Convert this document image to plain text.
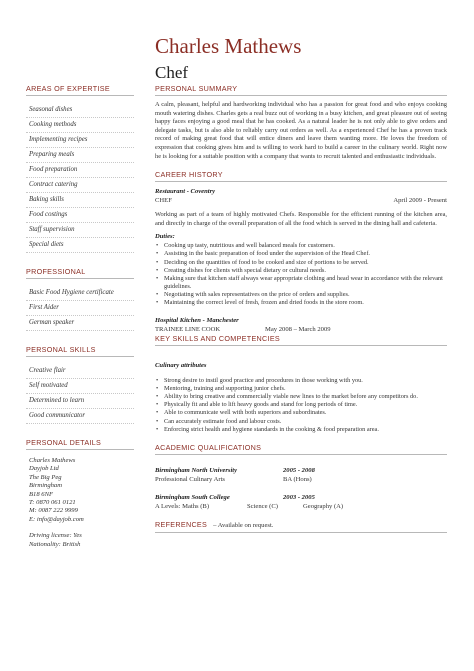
Charles Mathews
Chef
AREAS OF EXPERTISE
Seasonal dishes
Cooking methods
Implementing recipes
Preparing meals
Food preparation
Contract catering
Baking skills
Food costings
Staff supervision
Special diets
PROFESSIONAL
Basic Food Hygiene certificate
First Aider
German speaker
PERSONAL SKILLS
Creative flair
Self motivated
Determined to learn
Good communicator
PERSONAL DETAILS
Charles Mathews
Dayjob Ltd
The Big Peg
Birmingham
B18 6NF
T: 0870 061 0121
M: 0087 222 9999
E: info@dayjob.com
Driving license: Yes
Nationality: British
PERSONAL SUMMARY

A calm, pleasant, helpful and hardworking individual who has a passion for great food and who enjoys cooking mouth watering dishes. Charles gets a real buzz out of working in a busy kitchen, and great pleasure out of seeing happy faces enjoying a good meal that he has cooked. As a natural leader he is not only able to give orders and delegate tasks, but is also able to reliably carry out orders as well. As a experienced Chef he has a proven track record of making great food that will entice diners and leave them wanting more. He loves the freedom of expression that cooking gives him and is willing to work hard to build a career in the culinary world. Right now he is looking for a suitable position with a company that wants to recruit talented and enthusiastic individuals.

CAREER HISTORY
Restaurant - Coventry
CHEF	April 2009 - Present

Working as part of a team of highly motivated Chefs. Responsible for the efficient running of the kitchen area, and directly in charge of the overall preparation of all the food which is served in the dining hall and cafeteria.

Duties:
• Cooking up tasty, nutritious and well balanced meals for customers.
• Assisting in the basic preparation of food under the supervision of the Head Chef.
• Deciding on the quantities of food to be cooked and size of portions to be served.
• Creating dishes for clients with special dietary or cultural needs.
• Making sure that kitchen staff always wear appropriate clothing and head wear in accordance with the relevant guidelines.
• Negotiating with sales representatives on the price of orders and supplies.
• Maintaining the correct level of fresh, frozen and dried foods in the store room.
Hospital Kitchen - Manchester
TRAINEE LINE COOK	May 2008 – March 2009
KEY SKILLS AND COMPETENCIES
Culinary attributes
• Strong desire to instil good practice and procedures in those working with you.
• Mentoring, training and supporting junior chefs.
• Ability to bring creative and commercially viable new lines to the market before any competitors do.
• Physically fit and able to lift heavy goods and stand for long periods of time.
• Able to communicate well with both superiors and subordinates.
• Can accurately estimate food and labour costs.
• Enforcing strict health and hygiene standards in the cooking & food preparation area.
ACADEMIC QUALIFICATIONS
Birmingham North University	2005 - 2008
Professional Culinary Arts	BA (Hons)
Birmingham South College	2003 - 2005
A Levels: Maths (B)	Science (C)	Geography (A)
REFERENCES – Available on request.
